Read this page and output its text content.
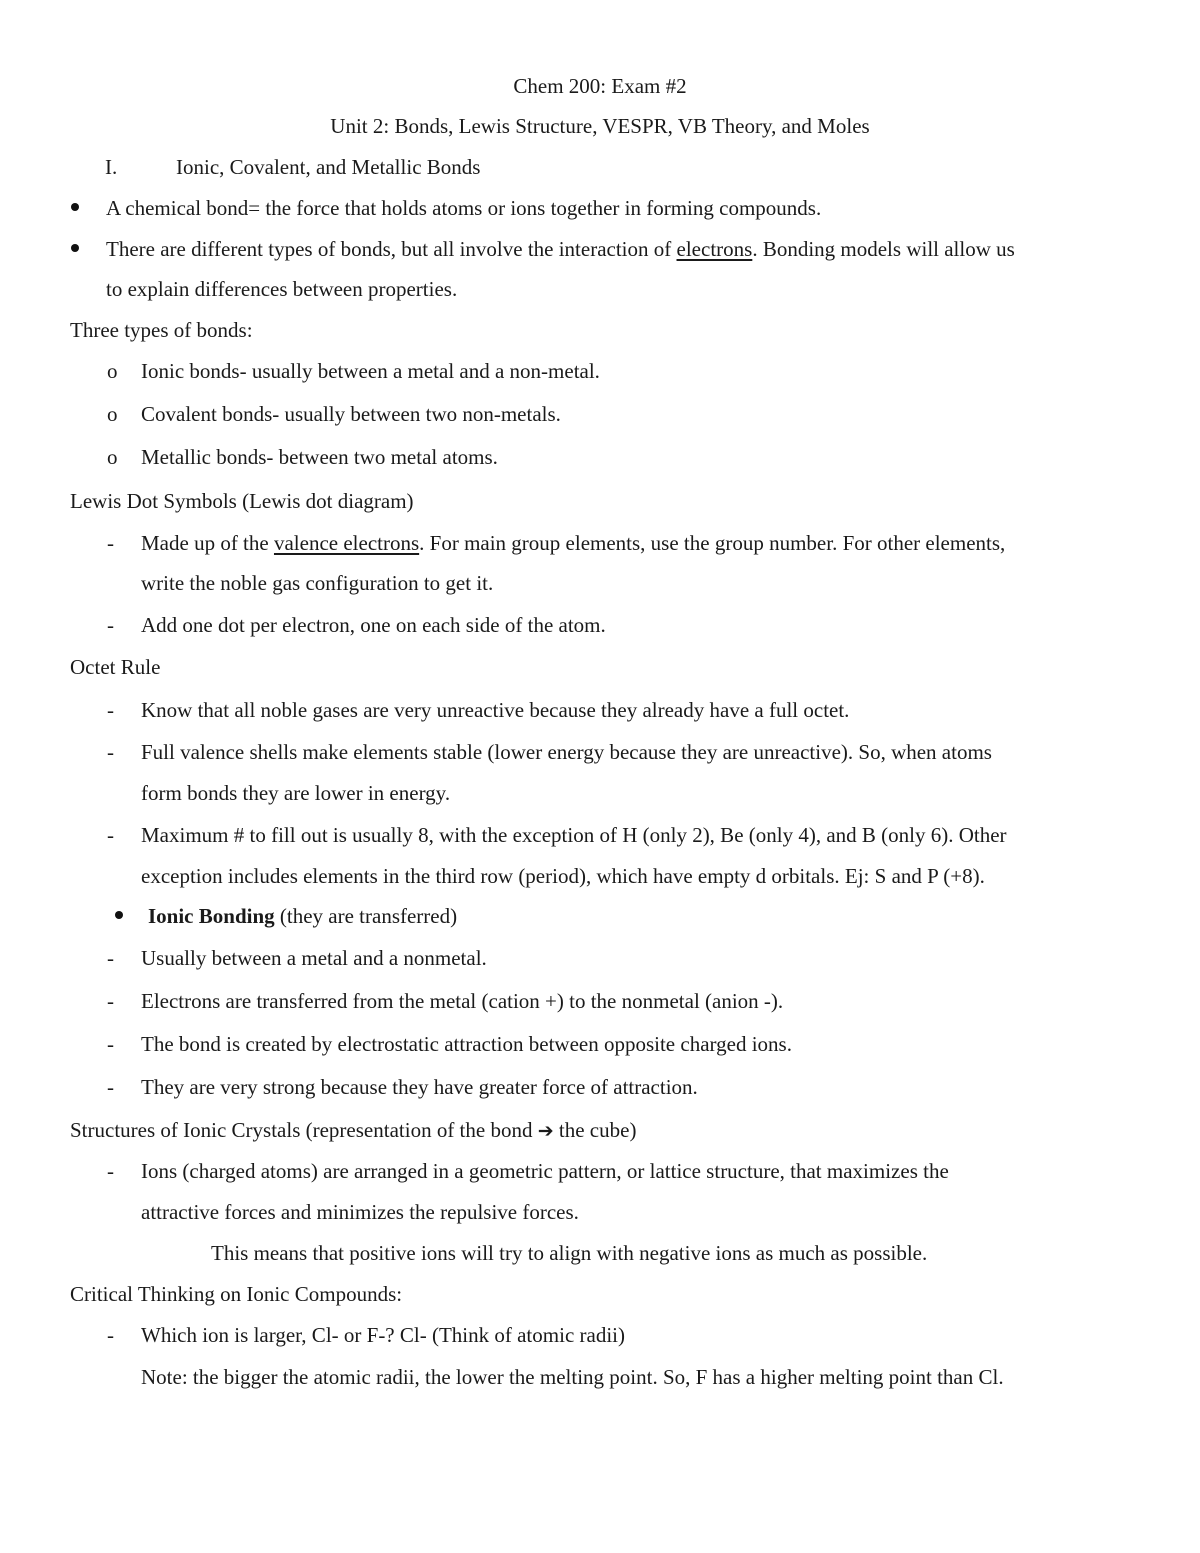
Chem 200: Exam #2
Unit 2: Bonds, Lewis Structure, VESPR, VB Theory, and Moles
I.	Ionic, Covalent, and Metallic Bonds
A chemical bond= the force that holds atoms or ions together in forming compounds.
There are different types of bonds, but all involve the interaction of electrons. Bonding models will allow us
to explain differences between properties.
Three types of bonds:
o Ionic bonds- usually between a metal and a non-metal.
o Covalent bonds- usually between two non-metals.
o Metallic bonds- between two metal atoms.
Lewis Dot Symbols (Lewis dot diagram)
- Made up of the valence electrons. For main group elements, use the group number. For other elements,
write the noble gas configuration to get it.
- Add one dot per electron, one on each side of the atom.
Octet Rule
- Know that all noble gases are very unreactive because they already have a full octet.
- Full valence shells make elements stable (lower energy because they are unreactive). So, when atoms
form bonds they are lower in energy.
- Maximum # to fill out is usually 8, with the exception of H (only 2), Be (only 4), and B (only 6). Other
exception includes elements in the third row (period), which have empty d orbitals. Ej: S and P (+8).
Ionic Bonding (they are transferred)
- Usually between a metal and a nonmetal.
- Electrons are transferred from the metal (cation +) to the nonmetal (anion -).
- The bond is created by electrostatic attraction between opposite charged ions.
- They are very strong because they have greater force of attraction.
Structures of Ionic Crystals (representation of the bond ➔ the cube)
- Ions (charged atoms) are arranged in a geometric pattern, or lattice structure, that maximizes the
attractive forces and minimizes the repulsive forces.
This means that positive ions will try to align with negative ions as much as possible.
Critical Thinking on Ionic Compounds:
- Which ion is larger, Cl- or F-? Cl- (Think of atomic radii)
Note: the bigger the atomic radii, the lower the melting point. So, F has a higher melting point than Cl.
